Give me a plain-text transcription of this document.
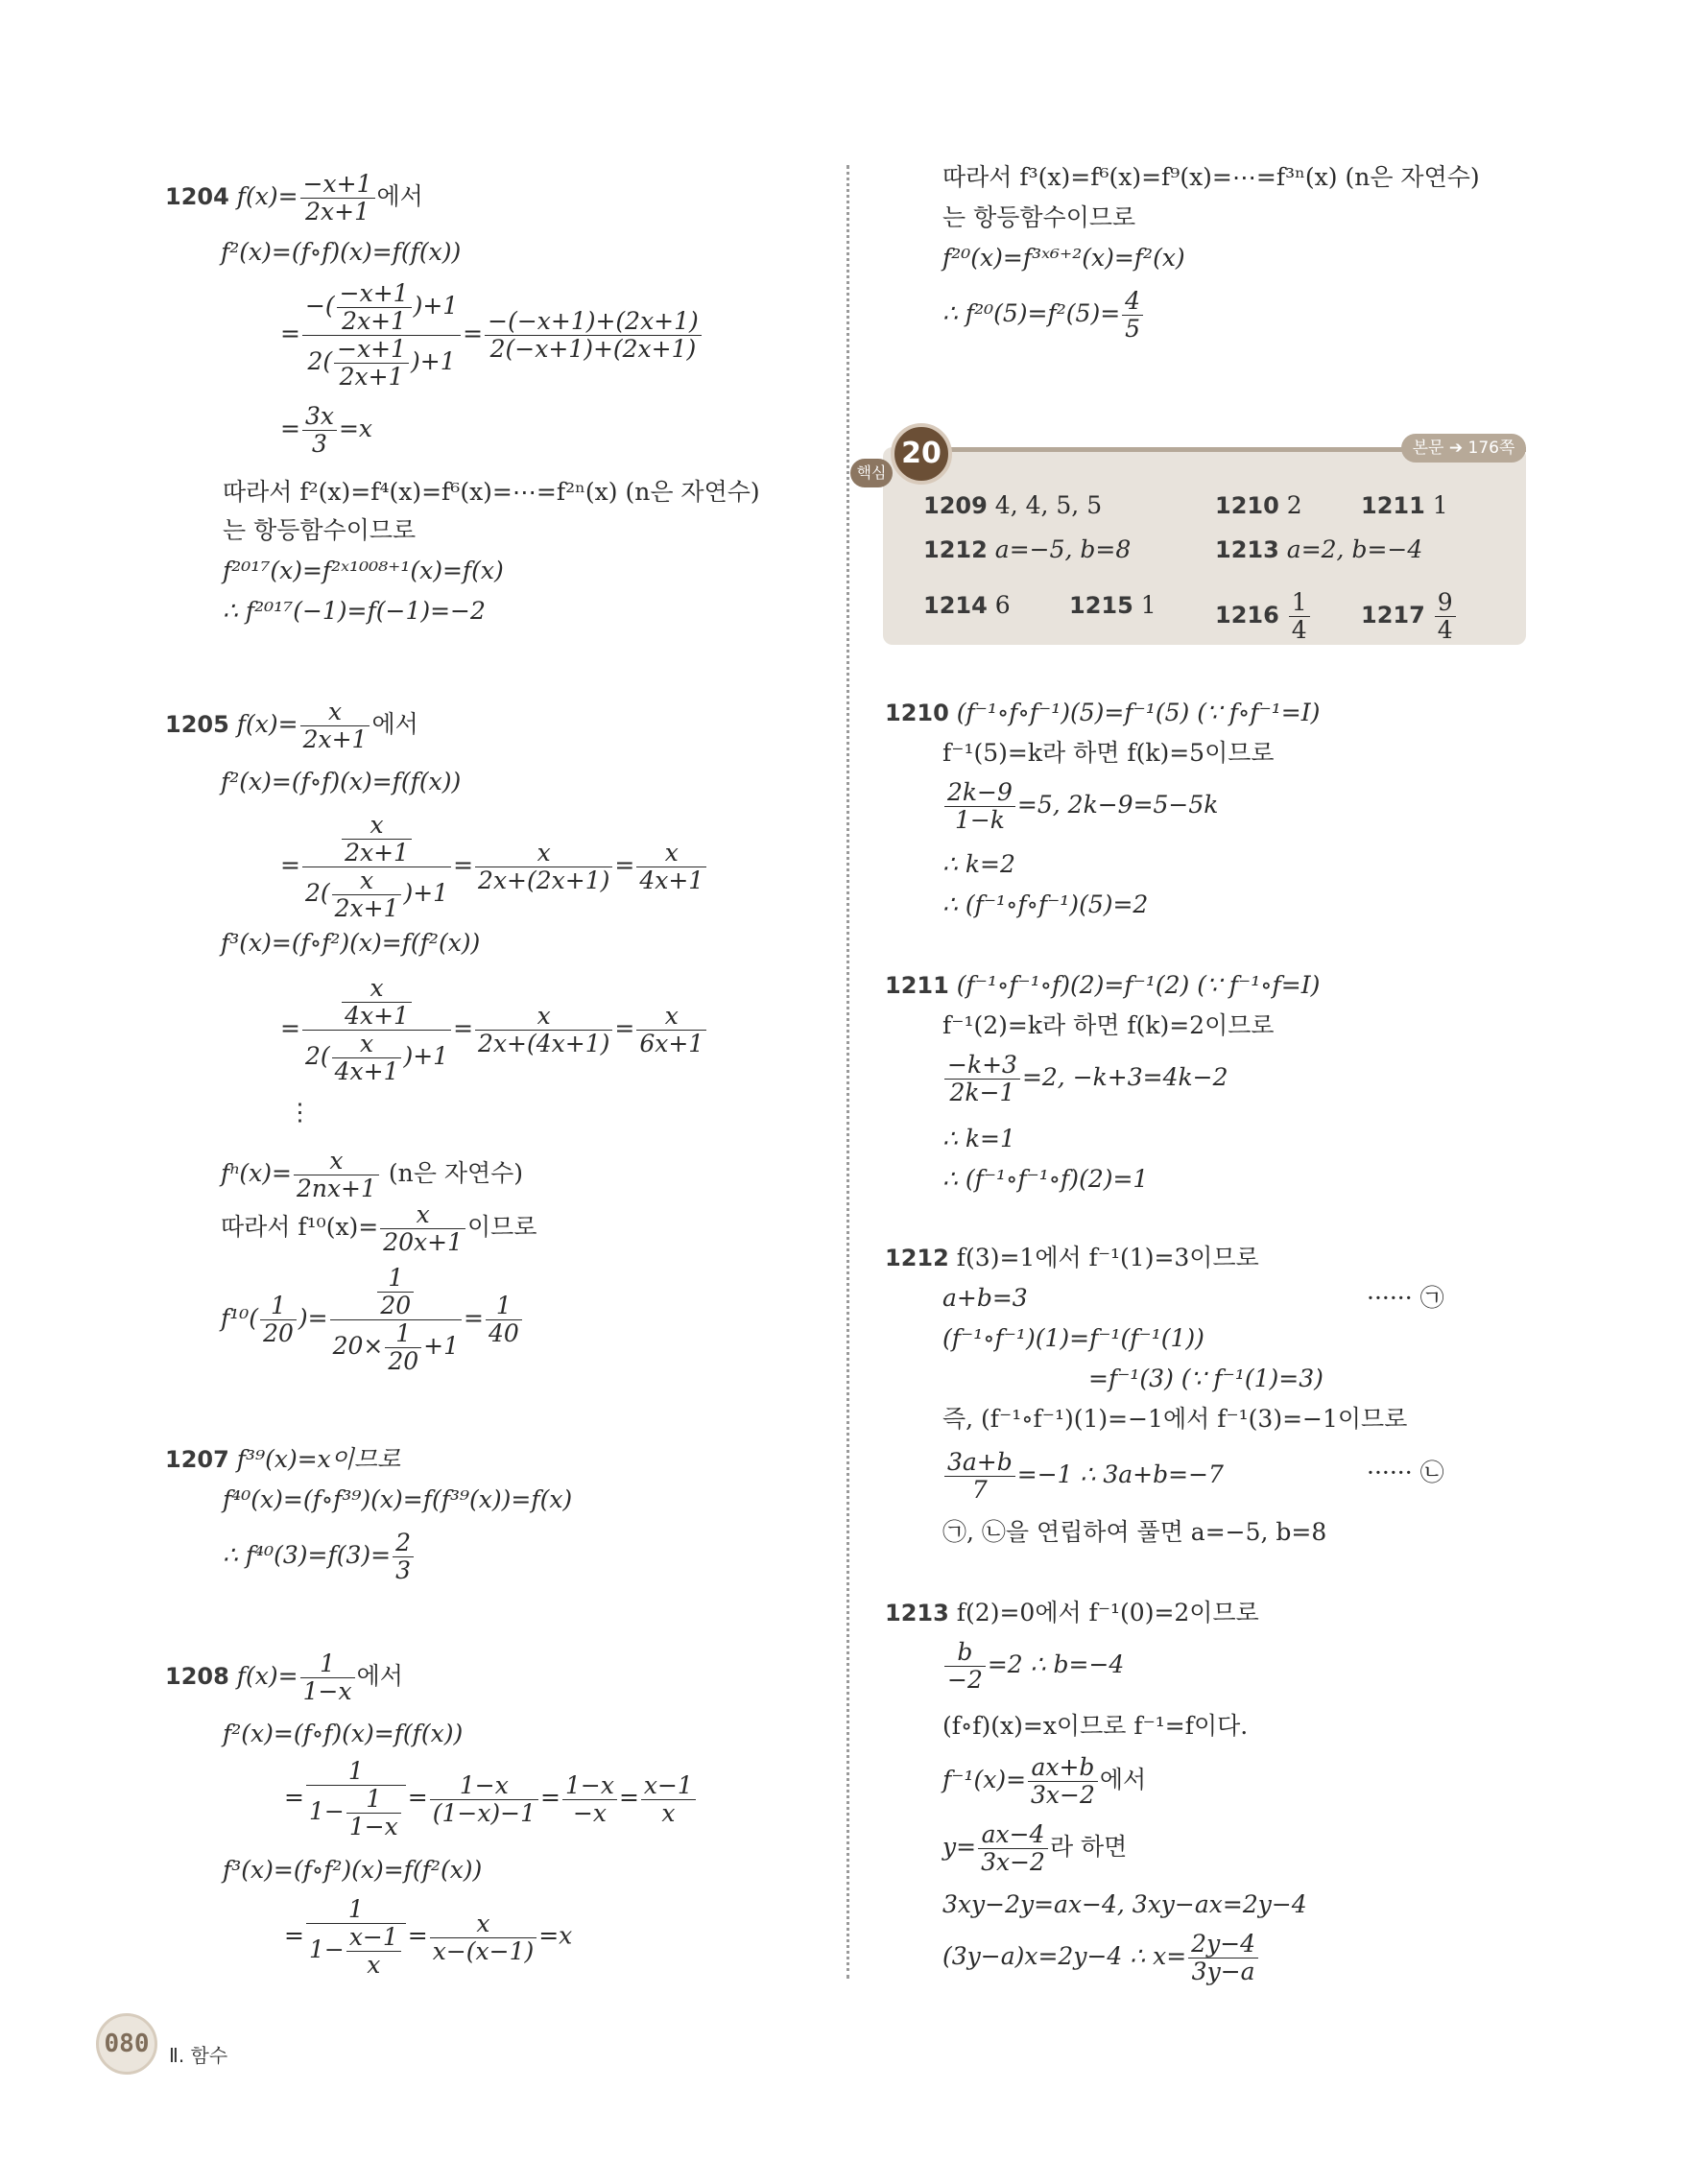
1204 $f(x)= \frac{-x+1}{2x+1}$ 에서
f²(x)=(f∘f)(x)=f(f(x))
= $\frac{-( \frac{-x+1}{2x+1} )+1}{2( \frac{-x+1}{2x+1} )+1} = \frac{-(-x+1)+(2x+1)}{2(-x+1)+(2x+1)}$
= $\frac{3x}{3} =x$
따라서 f²(x)=f⁴(x)=f⁶(x)=⋯=f²ⁿ(x) (n은 자연수)
는 항등함수이므로
f²⁰¹⁷(x)=f²ˣ¹⁰⁰⁸⁺¹(x)=f(x)
∴ f²⁰¹⁷(−1)=f(−1)=−2
1205 $f(x)= \frac{x}{2x+1}$ 에서
f²(x)=(f∘f)(x)=f(f(x))
= $\frac{\frac{x}{2x+1}}{2( \frac{x}{2x+1} )+1} = \frac{x}{2x+(2x+1)} = \frac{x}{4x+1}$
f³(x)=(f∘f²)(x)=f(f²(x))
= $\frac{\frac{x}{4x+1}}{2( \frac{x}{4x+1} )+1} = \frac{x}{2x+(4x+1)} = \frac{x}{6x+1}$
⋮
$f^n(x)= \frac{x}{2nx+1} (n$은 자연수)
따라서 $f^{10}(x)= \frac{x}{20x+1}$ 이므로
$f^{10}( \frac{1}{20}$ )= $\frac{\frac{1}{20}}{20\times \frac{1}{20} +1} = \frac{1}{40}$
1207 f³⁹(x)=x이므로
f⁴⁰(x)=(f∘f³⁹)(x)=f(f³⁹(x))=f(x)
∴ $f^{40}(3)=f(3)= \frac{2}{3}$
1208 $f(x)= \frac{1}{1-x}$ 에서
f²(x)=(f∘f)(x)=f(f(x))
= $\frac{1}{1- \frac{1}{1-x}} = \frac{1-x}{(1-x)-1} = \frac{1-x}{-x} = \frac{x-1}{x}$
f³(x)=(f∘f²)(x)=f(f²(x))
= $\frac{1}{1- \frac{x-1}{x}} = \frac{x}{x-(x-1)} =x$
따라서 f³(x)=f⁶(x)=f⁹(x)=⋯=f³ⁿ(x) (n은 자연수)
는 항등함수이므로
f²⁰(x)=f³ˣ⁶⁺²(x)=f²(x)
∴ $f^{20}(5)=f^2(5)= \frac{4}{5}$
핵심
20	본문 ➔ 176쪽
1209 4, 4, 5, 5	1210 2	1211 1
1212 a=−5, b=8	1213 a=2, b=−4
1214 6	1215 1	$1216 \frac{1}{4} 1217 \frac{9}{4}$
1210 (f⁻¹∘f∘f⁻¹)(5)=f⁻¹(5) (∵ f∘f⁻¹=I)
f⁻¹(5)=k라 하면 f(k)=5이므로
$\frac{2k-9}{1-k} =5$, 2k−9=5−5k
∴ k=2
∴ (f⁻¹∘f∘f⁻¹)(5)=2
1211 (f⁻¹∘f⁻¹∘f)(2)=f⁻¹(2) (∵ f⁻¹∘f=I)
f⁻¹(2)=k라 하면 f(k)=2이므로
$\frac{-k+3}{2k-1} =2$, −k+3=4k−2
∴ k=1
∴ (f⁻¹∘f⁻¹∘f)(2)=1
1212 f(3)=1에서 f⁻¹(1)=3이므로
a+b=3	······ ㉠
(f⁻¹∘f⁻¹)(1)=f⁻¹(f⁻¹(1))
=f⁻¹(3) (∵ f⁻¹(1)=3)
즉, (f⁻¹∘f⁻¹)(1)=−1에서 f⁻¹(3)=−1이므로
$\frac{3a+b}{7} =-1$ ∴ 3a+b=−7	······ ㉡
㉠, ㉡을 연립하여 풀면 a=−5, b=8
1213 f(2)=0에서 f⁻¹(0)=2이므로
$\frac{b}{-2} =2$ ∴ b=−4
(f∘f)(x)=x이므로 f⁻¹=f이다.
$f^{-1}(x)= \frac{ax+b}{3x-2}$ 에서
$y= \frac{ax-4}{3x-2}$ 라 하면
3xy−2y=ax−4, 3xy−ax=2y−4
(3y−a)x=2y−4 ∴ $x= \frac{2y-4}{3y-a}$
080	Ⅱ. 함수
